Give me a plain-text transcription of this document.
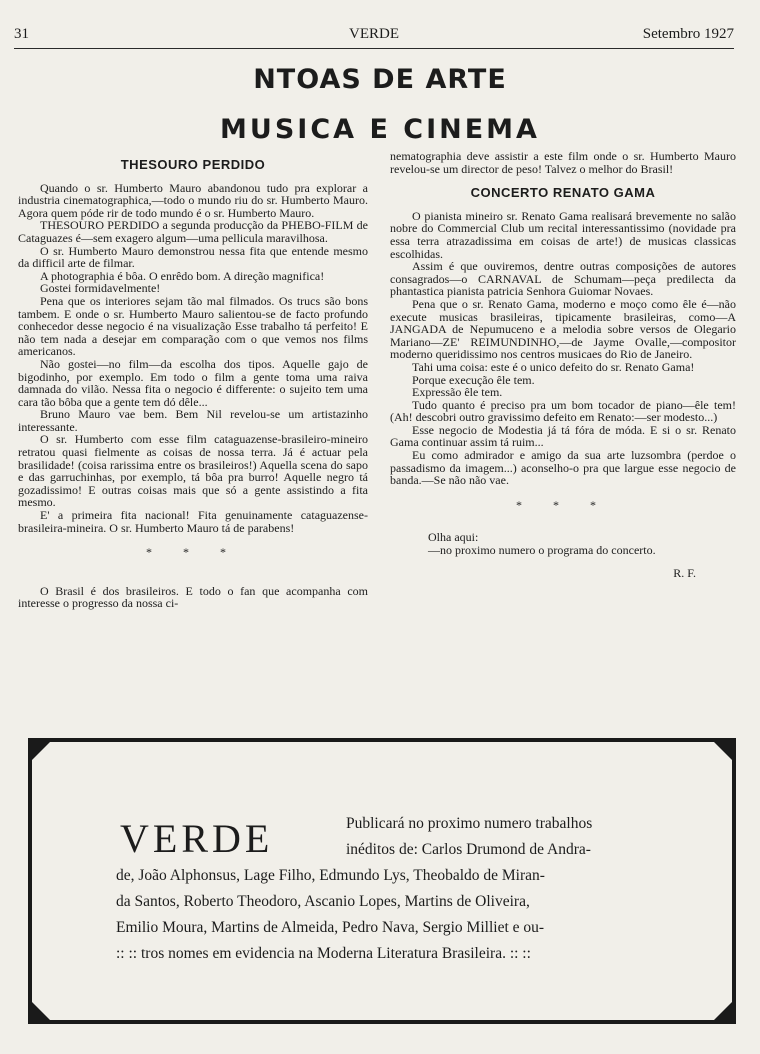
31	VERDE	Setembro 1927
NTOAS DE ARTE
MUSICA E CINEMA
THESOURO PERDIDO

Quando o sr. Humberto Mauro abandonou tudo pra explorar a industria cinematographica,—todo o mundo riu do sr. Humberto Mauro. Agora quem póde rir de todo mundo é o sr. Humberto Mauro.

THESOURO PERDIDO a segunda producção da PHEBO-FILM de Cataguazes é—sem exagero algum—uma pellicula maravilhosa.

O sr. Humberto Mauro demonstrou nessa fita que entende mesmo da difficil arte de filmar.

A photographia é bôa. O enrêdo bom. A direção magnifica!

Gostei formidavelmente!

Pena que os interiores sejam tão mal filmados. Os trucs são bons tambem. E onde o sr. Humberto Mauro salientou-se de facto profundo conhecedor desse negocio é na visualização Esse trabalho tá perfeito! E não tem nada a desejar em comparação com o que vemos nos films americanos.

Não gostei—no film—da escolha dos tipos. Aquelle gajo de bigodinho, por exemplo. Em todo o film a gente toma uma raiva damnada do vilão. Nessa fita o negocio é differente: o sujeito tem uma cara tão bôba que a gente tem dó dêle...

Bruno Mauro vae bem. Bem Nil revelou-se um artistazinho interessante.

O sr. Humberto com esse film cataguazense-brasileiro-mineiro retratou quasi fielmente as coisas de nossa terra. Já é actuar pela brasilidade! (coisa rarissima entre os brasileiros!) Aquella scena do sapo e das garruchinhas, por exemplo, tá bôa pra burro! Aquelle negro tá gozadissimo! E outras coisas mais que só a gente assistindo a fita mesmo.

E' a primeira fita nacional! Fita genuinamente cataguazense-brasileira-mineira. O sr. Humberto Mauro tá de parabens!

* * *

O Brasil é dos brasileiros. E todo o fan que acompanha com interesse o progresso da nossa ci-

nematographia deve assistir a este film onde o sr. Humberto Mauro revelou-se um director de peso! Talvez o melhor do Brasil!

CONCERTO RENATO GAMA

O pianista mineiro sr. Renato Gama realisará brevemente no salão nobre do Commercial Club um recital interessantissimo (novidade pra essa terra atrazadissima em coisas de arte!) de musicas classicas escolhidas.

Assim é que ouviremos, dentre outras composições de autores consagrados—o CARNAVAL de Schumam—peça predilecta da phantastica pianista patricia Senhora Guiomar Novaes.

Pena que o sr. Renato Gama, moderno e moço como êle é—não execute musicas brasileiras, tipicamente brasileiras, como—A JANGADA de Nepumuceno e a melodia sobre versos de Olegario Mariano—ZE' REIMUNDINHO,—de Jayme Ovalle,—compositor moderno queridissimo nos centros musicaes do Rio de Janeiro.

Tahi uma coisa: este é o unico defeito do sr. Renato Gama!

Porque execução êle tem.

Expressão êle tem.

Tudo quanto é preciso pra um bom tocador de piano—êle tem! (Ah! descobri outro gravissimo defeito em Renato:—ser modesto...)

Esse negocio de Modestia já tá fóra de móda. E si o sr. Renato Gama continuar assim tá ruim...

Eu como admirador e amigo da sua arte luzsombra (perdoe o passadismo da imagem...) aconselho-o pra que largue esse negocio de banda.—Se não não vae.

* * *

Olha aqui:

—no proximo numero o programa do concerto.

R. F.
VERDE	Publicará no proximo numero trabalhos
inéditos de: Carlos Drumond de Andra-
de, João Alphonsus, Lage Filho, Edmundo Lys, Theobaldo de Miran-
da Santos, Roberto Theodoro, Ascanio Lopes, Martins de Oliveira,
Emilio Moura, Martins de Almeida, Pedro Nava, Sergio Milliet e ou-
:: :: tros nomes em evidencia na Moderna Literatura Brasileira. :: ::
